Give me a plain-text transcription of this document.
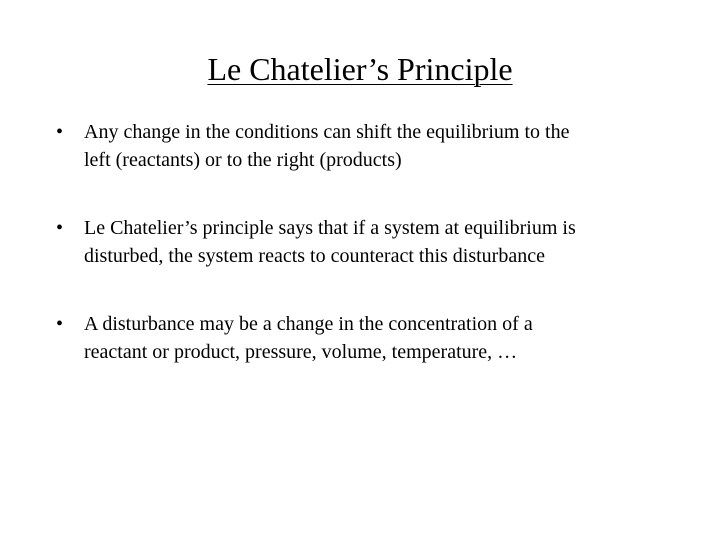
Le Chatelier’s Principle
•	Any change in the conditions can shift the equilibrium to the
left (reactants) or to the right (products)
•	Le Chatelier’s principle says that if a system at equilibrium is
disturbed, the system reacts to counteract this disturbance
•	A disturbance may be a change in the concentration of a
reactant or product, pressure, volume, temperature, …
